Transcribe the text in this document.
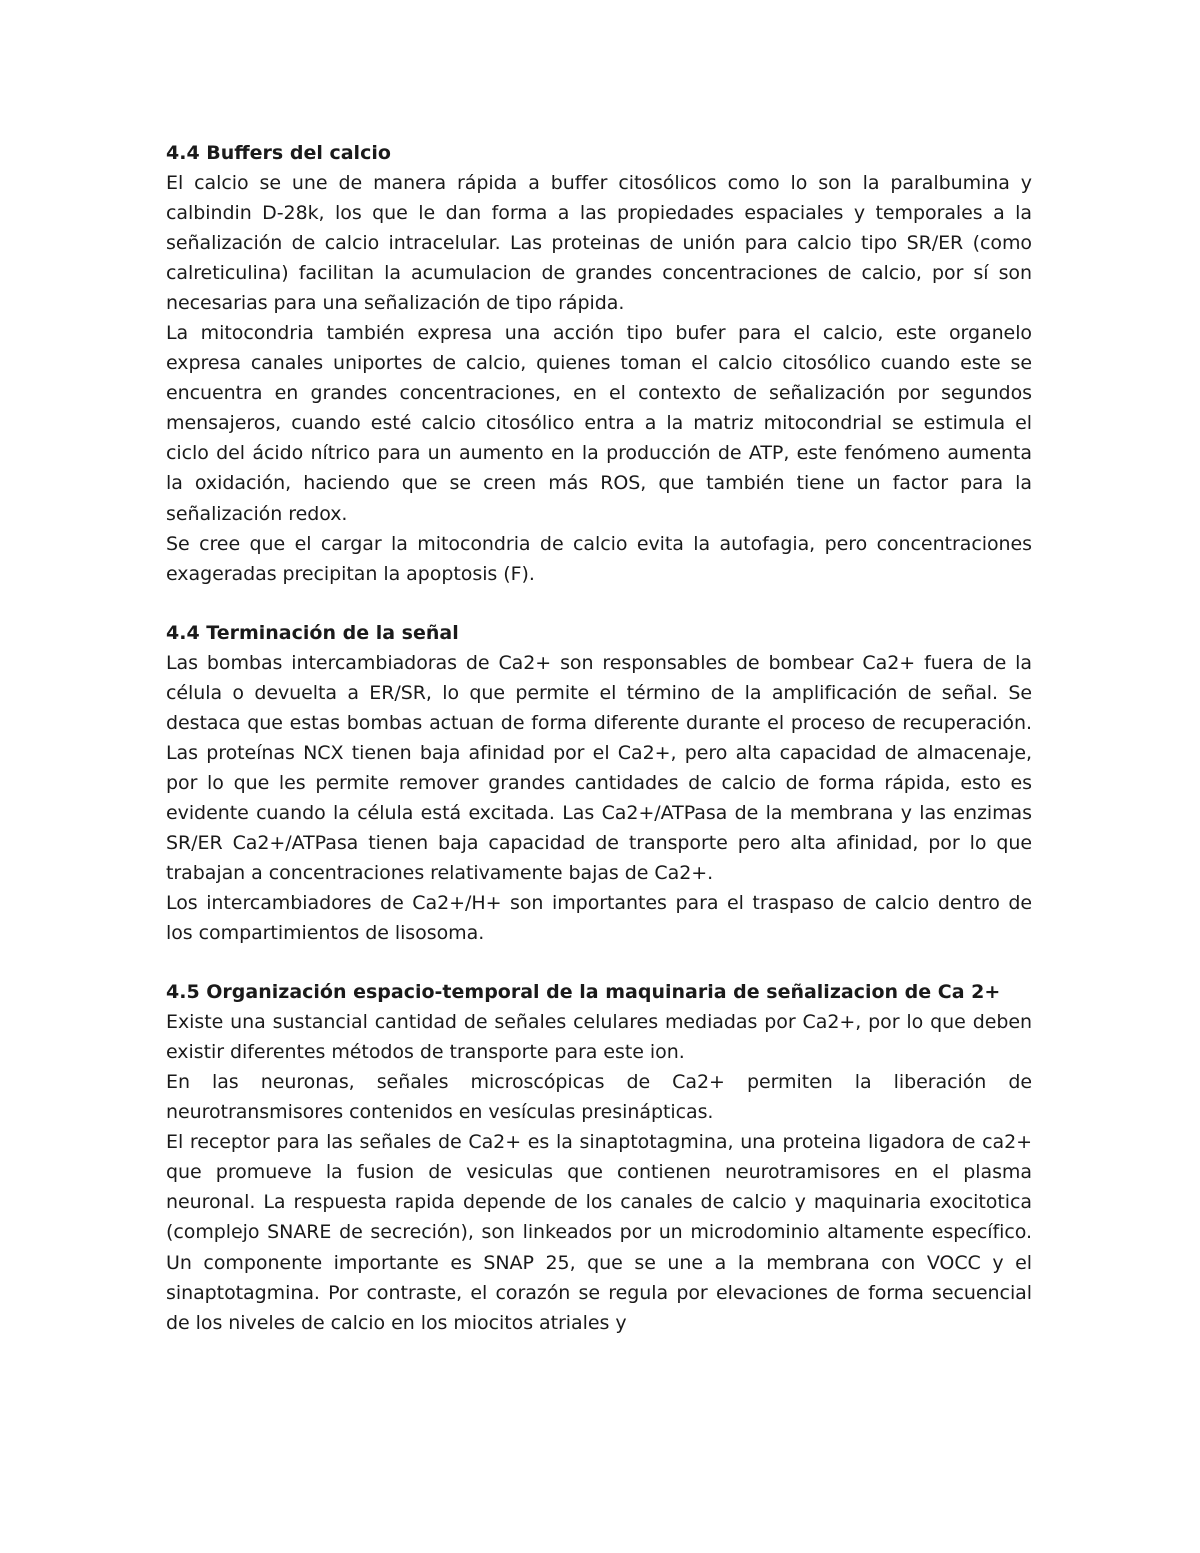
4.4 Buffers del calcio

El calcio se une de manera rápida a buffer citosólicos como lo son la paralbumina y calbindin D-28k, los que le dan forma a las propiedades espaciales y temporales a la señalización de calcio intracelular. Las proteinas de unión para calcio tipo SR/ER (como calreticulina) facilitan la acumulacion de grandes concentraciones de calcio, por sí son necesarias para una señalización de tipo rápida.

La mitocondria también expresa una acción tipo bufer para el calcio, este organelo expresa canales uniportes de calcio, quienes toman el calcio citosólico cuando este se encuentra en grandes concentraciones, en el contexto de señalización por segundos mensajeros, cuando esté calcio citosólico entra a la matriz mitocondrial se estimula el ciclo del ácido nítrico para un aumento en la producción de ATP, este fenómeno aumenta la oxidación, haciendo que se creen más ROS, que también tiene un factor para la señalización redox.

Se cree que el cargar la mitocondria de calcio evita la autofagia, pero concentraciones exageradas precipitan la apoptosis (F).

4.4 Terminación de la señal

Las bombas intercambiadoras de Ca2+ son responsables de bombear Ca2+ fuera de la célula o devuelta a ER/SR, lo que permite el término de la amplificación de señal. Se destaca que estas bombas actuan de forma diferente durante el proceso de recuperación. Las proteínas NCX tienen baja afinidad por el Ca2+, pero alta capacidad de almacenaje, por lo que les permite remover grandes cantidades de calcio de forma rápida, esto es evidente cuando la célula está excitada. Las Ca2+/ATPasa de la membrana y las enzimas SR/ER Ca2+/ATPasa tienen baja capacidad de transporte pero alta afinidad, por lo que trabajan a concentraciones relativamente bajas de Ca2+.

Los intercambiadores de Ca2+/H+ son importantes para el traspaso de calcio dentro de los compartimientos de lisosoma.

4.5 Organización espacio-temporal de la maquinaria de señalizacion de Ca 2+

Existe una sustancial cantidad de señales celulares mediadas por Ca2+, por lo que deben existir diferentes métodos de transporte para este ion.

En las neuronas, señales microscópicas de Ca2+ permiten la liberación de neurotransmisores contenidos en vesículas presinápticas.

El receptor para las señales de Ca2+ es la sinaptotagmina, una proteina ligadora de ca2+ que promueve la fusion de vesiculas que contienen neurotramisores en el plasma neuronal. La respuesta rapida depende de los canales de calcio y maquinaria exocitotica (complejo SNARE de secreción), son linkeados por un microdominio altamente específico. Un componente importante es SNAP 25, que se une a la membrana con VOCC y el sinaptotagmina. Por contraste, el corazón se regula por elevaciones de forma secuencial de los niveles de calcio en los miocitos atriales y
